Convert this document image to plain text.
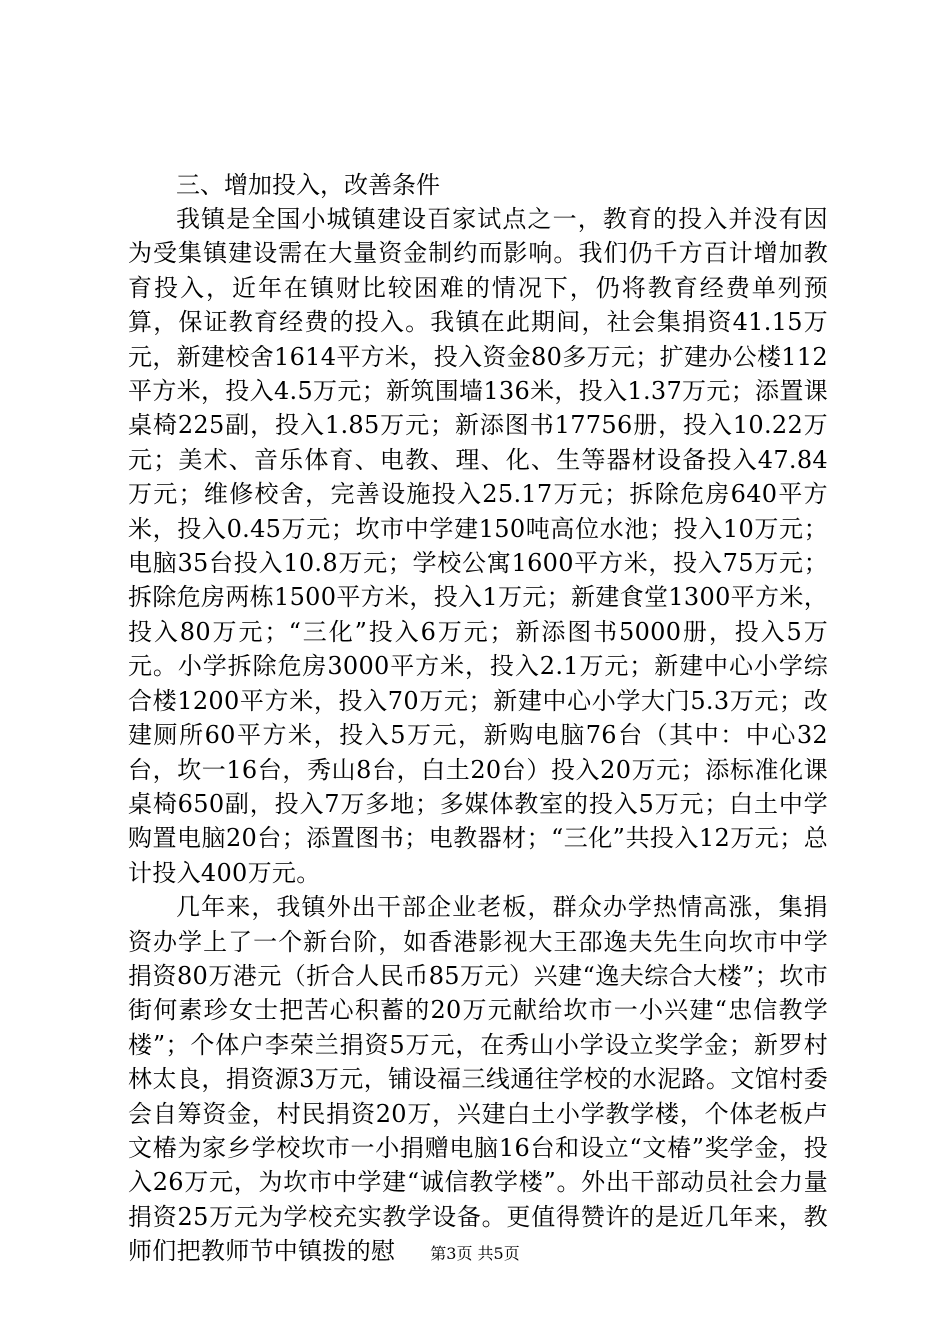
三、增加投入，改善条件

我镇是全国小城镇建设百家试点之一，教育的投入并没有因为受集镇建设需在大量资金制约而影响。我们仍千方百计增加教育投入，近年在镇财比较困难的情况下，仍将教育经费单列预算，保证教育经费的投入。我镇在此期间，社会集捐资41.15万元，新建校舍1614平方米，投入资金80多万元；扩建办公楼112平方米，投入4.5万元；新筑围墙136米，投入1.37万元；添置课桌椅225副，投入1.85万元；新添图书17756册，投入10.22万元；美术、音乐体育、电教、理、化、生等器材设备投入47.84万元；维修校舍，完善设施投入25.17万元；拆除危房640平方米，投入0.45万元；坎市中学建150吨高位水池；投入10万元；电脑35台投入10.8万元；学校公寓1600平方米，投入75万元；拆除危房两栋1500平方米，投入1万元；新建食堂1300平方米，投入80万元；“三化”投入6万元；新添图书5000册，投入5万元。小学拆除危房3000平方米，投入2.1万元；新建中心小学综合楼1200平方米，投入70万元；新建中心小学大门5.3万元；改建厕所60平方米，投入5万元，新购电脑76台（其中：中心32台，坎一16台，秀山8台，白土20台）投入20万元；添标准化课桌椅650副，投入7万多地；多媒体教室的投入5万元；白土中学购置电脑20台；添置图书；电教器材；“三化”共投入12万元；总计投入400万元。

几年来，我镇外出干部企业老板，群众办学热情高涨，集捐资办学上了一个新台阶，如香港影视大王邵逸夫先生向坎市中学捐资80万港元（折合人民币85万元）兴建“逸夫综合大楼”；坎市街何素珍女士把苦心积蓄的20万元献给坎市一小兴建“忠信教学楼”；个体户李荣兰捐资5万元，在秀山小学设立奖学金；新罗村林太良，捐资源3万元，铺设福三线通往学校的水泥路。文馆村委会自筹资金，村民捐资20万，兴建白土小学教学楼，个体老板卢文椿为家乡学校坎市一小捐赠电脑16台和设立“文椿”奖学金，投入26万元，为坎市中学建“诚信教学楼”。外出干部动员社会力量捐资25万元为学校充实教学设备。更值得赞许的是近几年来，教师们把教师节中镇拨的慰	第3页 共5页
